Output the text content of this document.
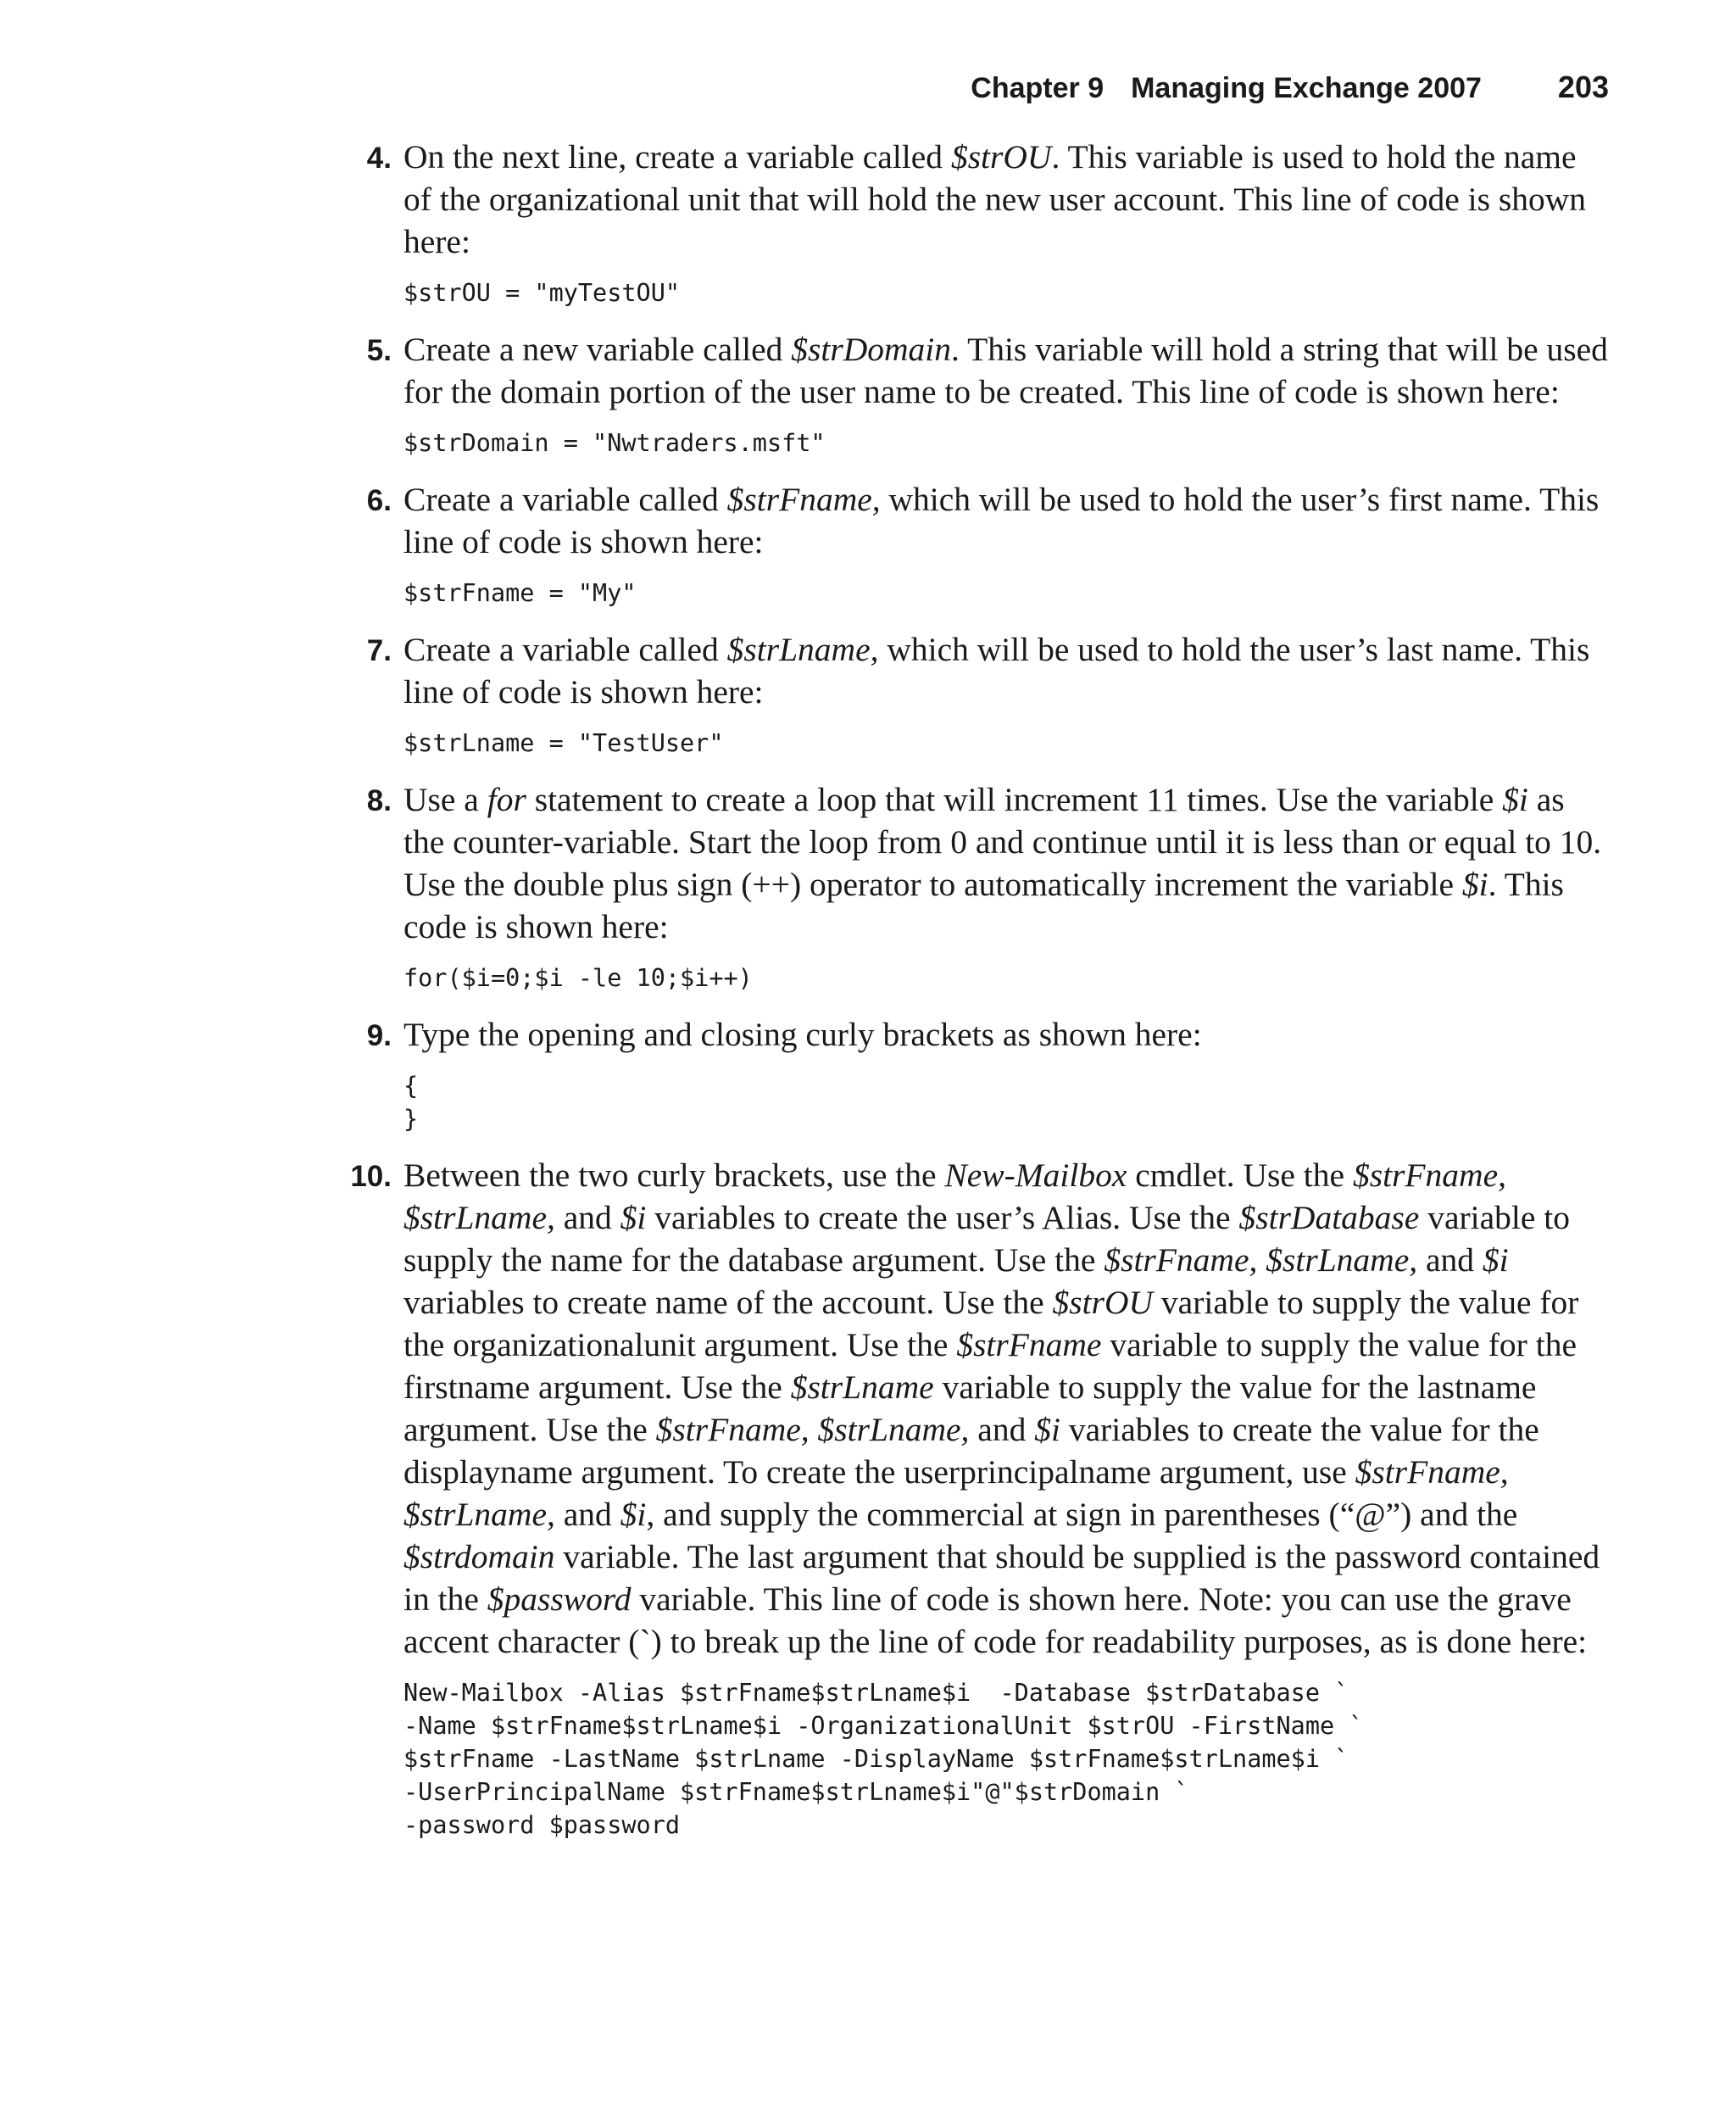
Chapter 9 Managing Exchange 2007	203
4. On the next line, create a variable called $strOU. This variable is used to hold the name of the organizational unit that will hold the new user account. This line of code is shown here:

$strOU = "myTestOU"
5. Create a new variable called $strDomain. This variable will hold a string that will be used for the domain portion of the user name to be created. This line of code is shown here:

$strDomain = "Nwtraders.msft"
6. Create a variable called $strFname, which will be used to hold the user’s first name. This line of code is shown here:

$strFname = "My"
7. Create a variable called $strLname, which will be used to hold the user’s last name. This line of code is shown here:

$strLname = "TestUser"
8. Use a for statement to create a loop that will increment 11 times. Use the variable $i as the counter-variable. Start the loop from 0 and continue until it is less than or equal to 10. Use the double plus sign (++) operator to automatically increment the variable $i. This code is shown here:

for($i=0;$i -le 10;$i++)
9. Type the opening and closing curly brackets as shown here:

{
}
10. Between the two curly brackets, use the New-Mailbox cmdlet. Use the $strFname, $strLname, and $i variables to create the user’s Alias. Use the $strDatabase variable to supply the name for the database argument. Use the $strFname, $strLname, and $i variables to create name of the account. Use the $strOU variable to supply the value for the organizationalunit argument. Use the $strFname variable to supply the value for the firstname argument. Use the $strLname variable to supply the value for the lastname argument. Use the $strFname, $strLname, and $i variables to create the value for the displayname argument. To create the userprincipalname argument, use $strFname, $strLname, and $i, and supply the commercial at sign in parentheses (“@”) and the $strdomain variable. The last argument that should be supplied is the password contained in the $password variable. This line of code is shown here. Note: you can use the grave accent character (`) to break up the line of code for readability purposes, as is done here:

New-Mailbox -Alias $strFname$strLname$i  -Database $strDatabase `
-Name $strFname$strLname$i -OrganizationalUnit $strOU -FirstName `
$strFname -LastName $strLname -DisplayName $strFname$strLname$i `
-UserPrincipalName $strFname$strLname$i"@"$strDomain `
-password $password
